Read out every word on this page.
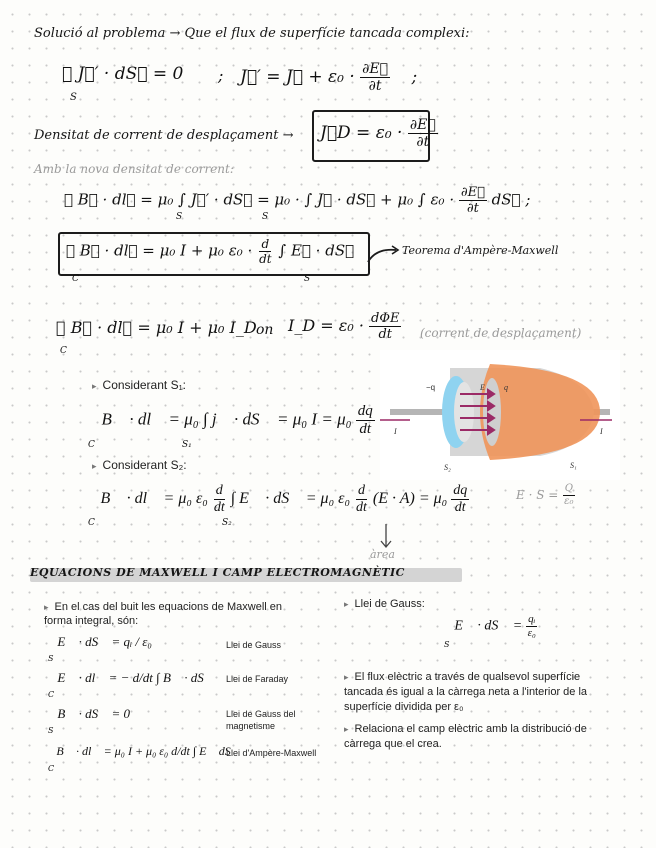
Solució al problema → Que el flux de superfície tancada complexi:
∮ J⃗′ · dS⃗ = 0
S
; J⃗′ = J⃗ + $\varepsilon_0 \cdot \frac{\partial E⃗}{\partial t}$ ;
Densitat de corrent de desplaçament → J⃗D = $\varepsilon_0 \cdot \frac{\partial E⃗}{\partial t}$
Amb la nova densitat de corrent:
∮ B⃗ · dl⃗ = μ₀ ∫ J⃗′ · dS⃗ = μ₀ · ∫ J⃗ · dS⃗ + μ₀ ∫ $\varepsilon_0 \cdot \frac{\partial E⃗}{\partial t}$ dS⃗ ;
S	S
∮ B⃗ · dl⃗ = μ₀ I + μ₀ $\varepsilon_0 \cdot \frac{d}{dt}$ ∫ E⃗ · dS⃗
C	S
Teorema d'Ampère-Maxwell
∮ B⃗ · dl⃗ = μ₀ I + μ₀ I_D
C
on I_D = $\varepsilon_0 \cdot \frac{\text{dΦE}}{dt}$ (corrent de desplaçament)
▸ Considerant S₁:
∮ B⃗ · dl⃗ = μ₀ ∫ j⃗ · dS⃗ = μ₀ $I = \mu_0 \frac{dq}{dt}$
C	S₁
▸ Considerant S₂:
∮ B⃗ · dl⃗ = μ₀ $\varepsilon_0 \frac{d}{dt}$ ∫ E⃗ · dS⃗ = μ₀ $\varepsilon_0 \frac{d}{dt} (E \cdot A) = \mu_0 \frac{dq}{dt}$
C	S₂
$E \cdot S = \frac{Q}{\text{ε₀}}$
àrea
−q	E q
S₂	S₁
I	I
EQUACIONS DE MAXWELL I CAMP ELECTROMAGNÈTIC
▸ En el cas del buit les equacions de Maxwell en forma integral, són:
∮ E⃗ · dS⃗ = qᵢ / ε₀
S
Llei de Gauss
∮ E⃗ · dl⃗ = − d/dt ∫ B⃗ · dS⃗
C
Llei de Faraday
∮ B⃗ · dS⃗ = 0
S
Llei de Gauss del magnetisme
∮ B⃗ · dl⃗ = μ₀ I + μ₀ ε₀ d/dt ∫ E⃗ dS⃗
C
Llei d'Ampère-Maxwell
▸ Llei de Gauss:
∮ E⃗ · dS⃗ = $\frac{\text{qᵢ}}{\text{ε₀}}$
S
▸ El flux elèctric a través de qualsevol superfície tancada és igual a la càrrega neta a l'interior de la superfície dividida per ε₀
▸ Relaciona el camp elèctric amb la distribució de càrrega que el crea.
